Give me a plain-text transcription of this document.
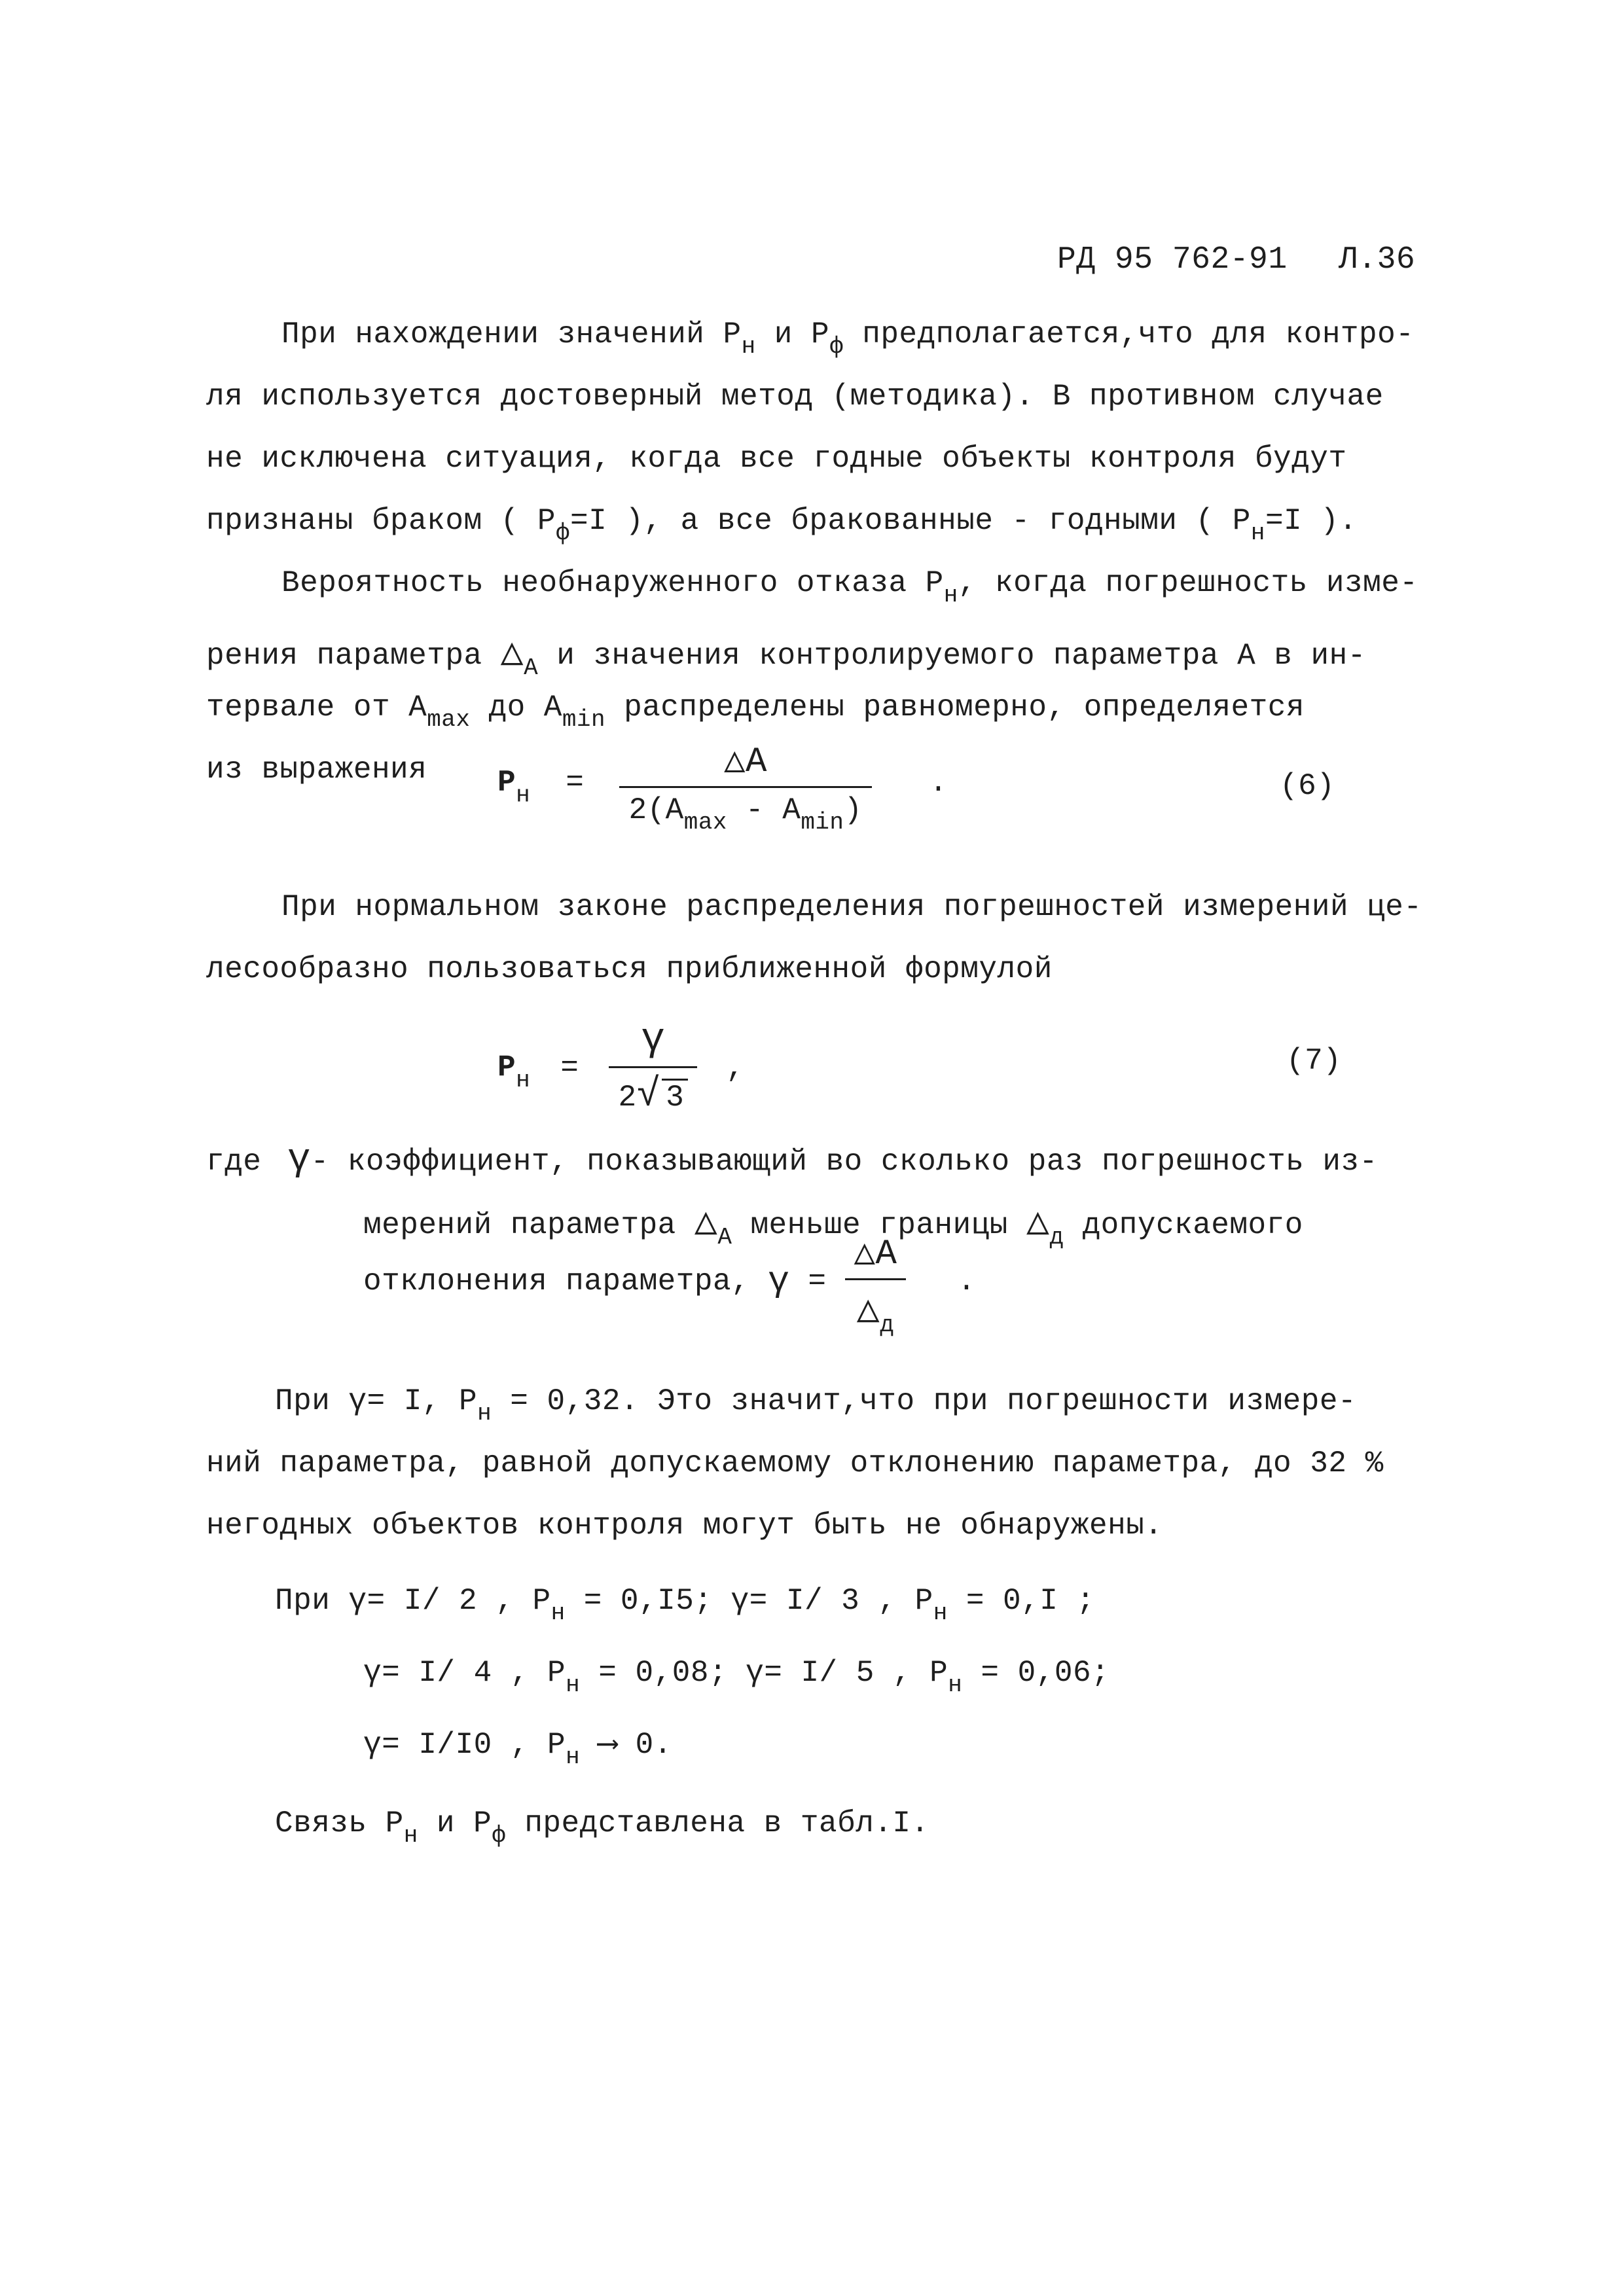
РД 95 762-91 Л.36
При нахождении значений $Р_н$ и $Р_ф$ предполагается,что для контро-
ля используется достоверный метод (методика). В противном случае
не исключена ситуация, когда все годные объекты контроля будут
признаны браком ( $Р_ф=I$ ), а все бракованные - годными ( $Р_н=I$ ).
Вероятность необнаруженного отказа $Р_н$, когда погрешность изме-
рения параметра $\triangle_А$ и значения контролируемого параметра А в ин-
тервале от $А_{max}$ до $А_{min}$ распределены равномерно, определяется
из выражения $Р_н = \frac{\triangle А}{2(А_{max} - А_{min})}$ .	(6)
При нормальном законе распределения погрешностей измерений це-
лесообразно пользоваться приближенной формулой
$Р_н = \frac{\gamma}{2√ 3}$ ,	(7)
где γ- коэффициент, показывающий во сколько раз погрешность из-
мерений параметра $\triangle_А$ меньше границы $\triangle_д$ допускаемого
отклонения параметра, $\gamma = \frac{\triangle А}{\triangle_д}$ .
При γ= I, $Р_н = 0,32$. Это значит,что при погрешности измере-
ний параметра, равной допускаемому отклонению параметра, до 32 %
негодных объектов контроля могут быть не обнаружены.
При γ= I/ 2 , $Р_н = 0,I5$; γ= I/ 3 , $Р_н = 0,I$ ;
γ= I/ 4 , $Р_н = 0,08$; γ= I/ 5 , $Р_н = 0,06$;
γ= I/I0 , $Р_н$ ⟶ 0.
Связь $Р_н$ и $Р_ф$ представлена в табл.I.
